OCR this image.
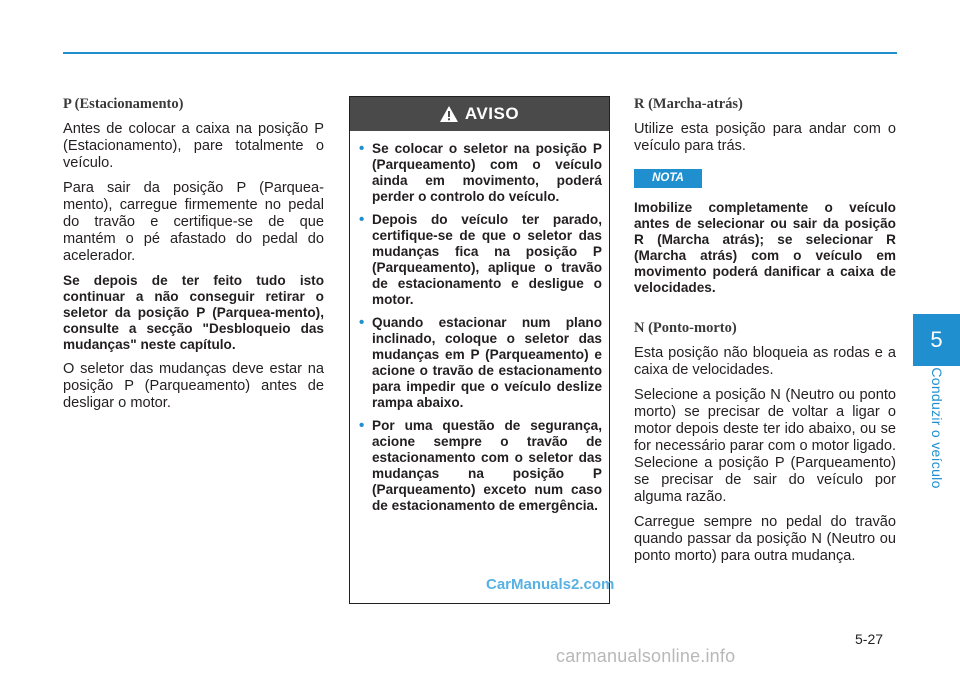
P (Estacionamento)

Antes de colocar a caixa na posição P (Estacionamento), pare totalmente o veículo.

Para sair da posição P (Parquea-mento), carregue firmemente no pedal do travão e certifique-se de que mantém o pé afastado do pedal do acelerador.

Se depois de ter feito tudo isto continuar a não conseguir retirar o seletor da posição P (Parquea-mento), consulte a secção "Desbloqueio das mudanças" neste capítulo.

O seletor das mudanças deve estar na posição P (Parqueamento) antes de desligar o motor.

AVISO
• Se colocar o seletor na posição P (Parqueamento) com o veículo ainda em movimento, poderá perder o controlo do veículo.
• Depois do veículo ter parado, certifique-se de que o seletor das mudanças fica na posição P (Parqueamento), aplique o travão de estacionamento e desligue o motor.
• Quando estacionar num plano inclinado, coloque o seletor das mudanças em P (Parqueamento) e acione o travão de estacionamento para impedir que o veículo deslize rampa abaixo.
• Por uma questão de segurança, acione sempre o travão de estacionamento com o seletor das mudanças na posição P (Parqueamento) exceto num caso de estacionamento de emergência.
CarManuals2.com
R (Marcha-atrás)

Utilize esta posição para andar com o veículo para trás.

NOTA

Imobilize completamente o veículo antes de selecionar ou sair da posição R (Marcha atrás); se selecionar R (Marcha atrás) com o veículo em movimento poderá danificar a caixa de velocidades.

N (Ponto-morto)

Esta posição não bloqueia as rodas e a caixa de velocidades.

Selecione a posição N (Neutro ou ponto morto) se precisar de voltar a ligar o motor depois deste ter ido abaixo, ou se for necessário parar com o motor ligado. Selecione a posição P (Parqueamento) se precisar de sair do veículo por alguma razão.

Carregue sempre no pedal do travão quando passar da posição N (Neutro ou ponto morto) para outra mudança.

5
Conduzir o veículo
5-27
carmanualsonline.info
